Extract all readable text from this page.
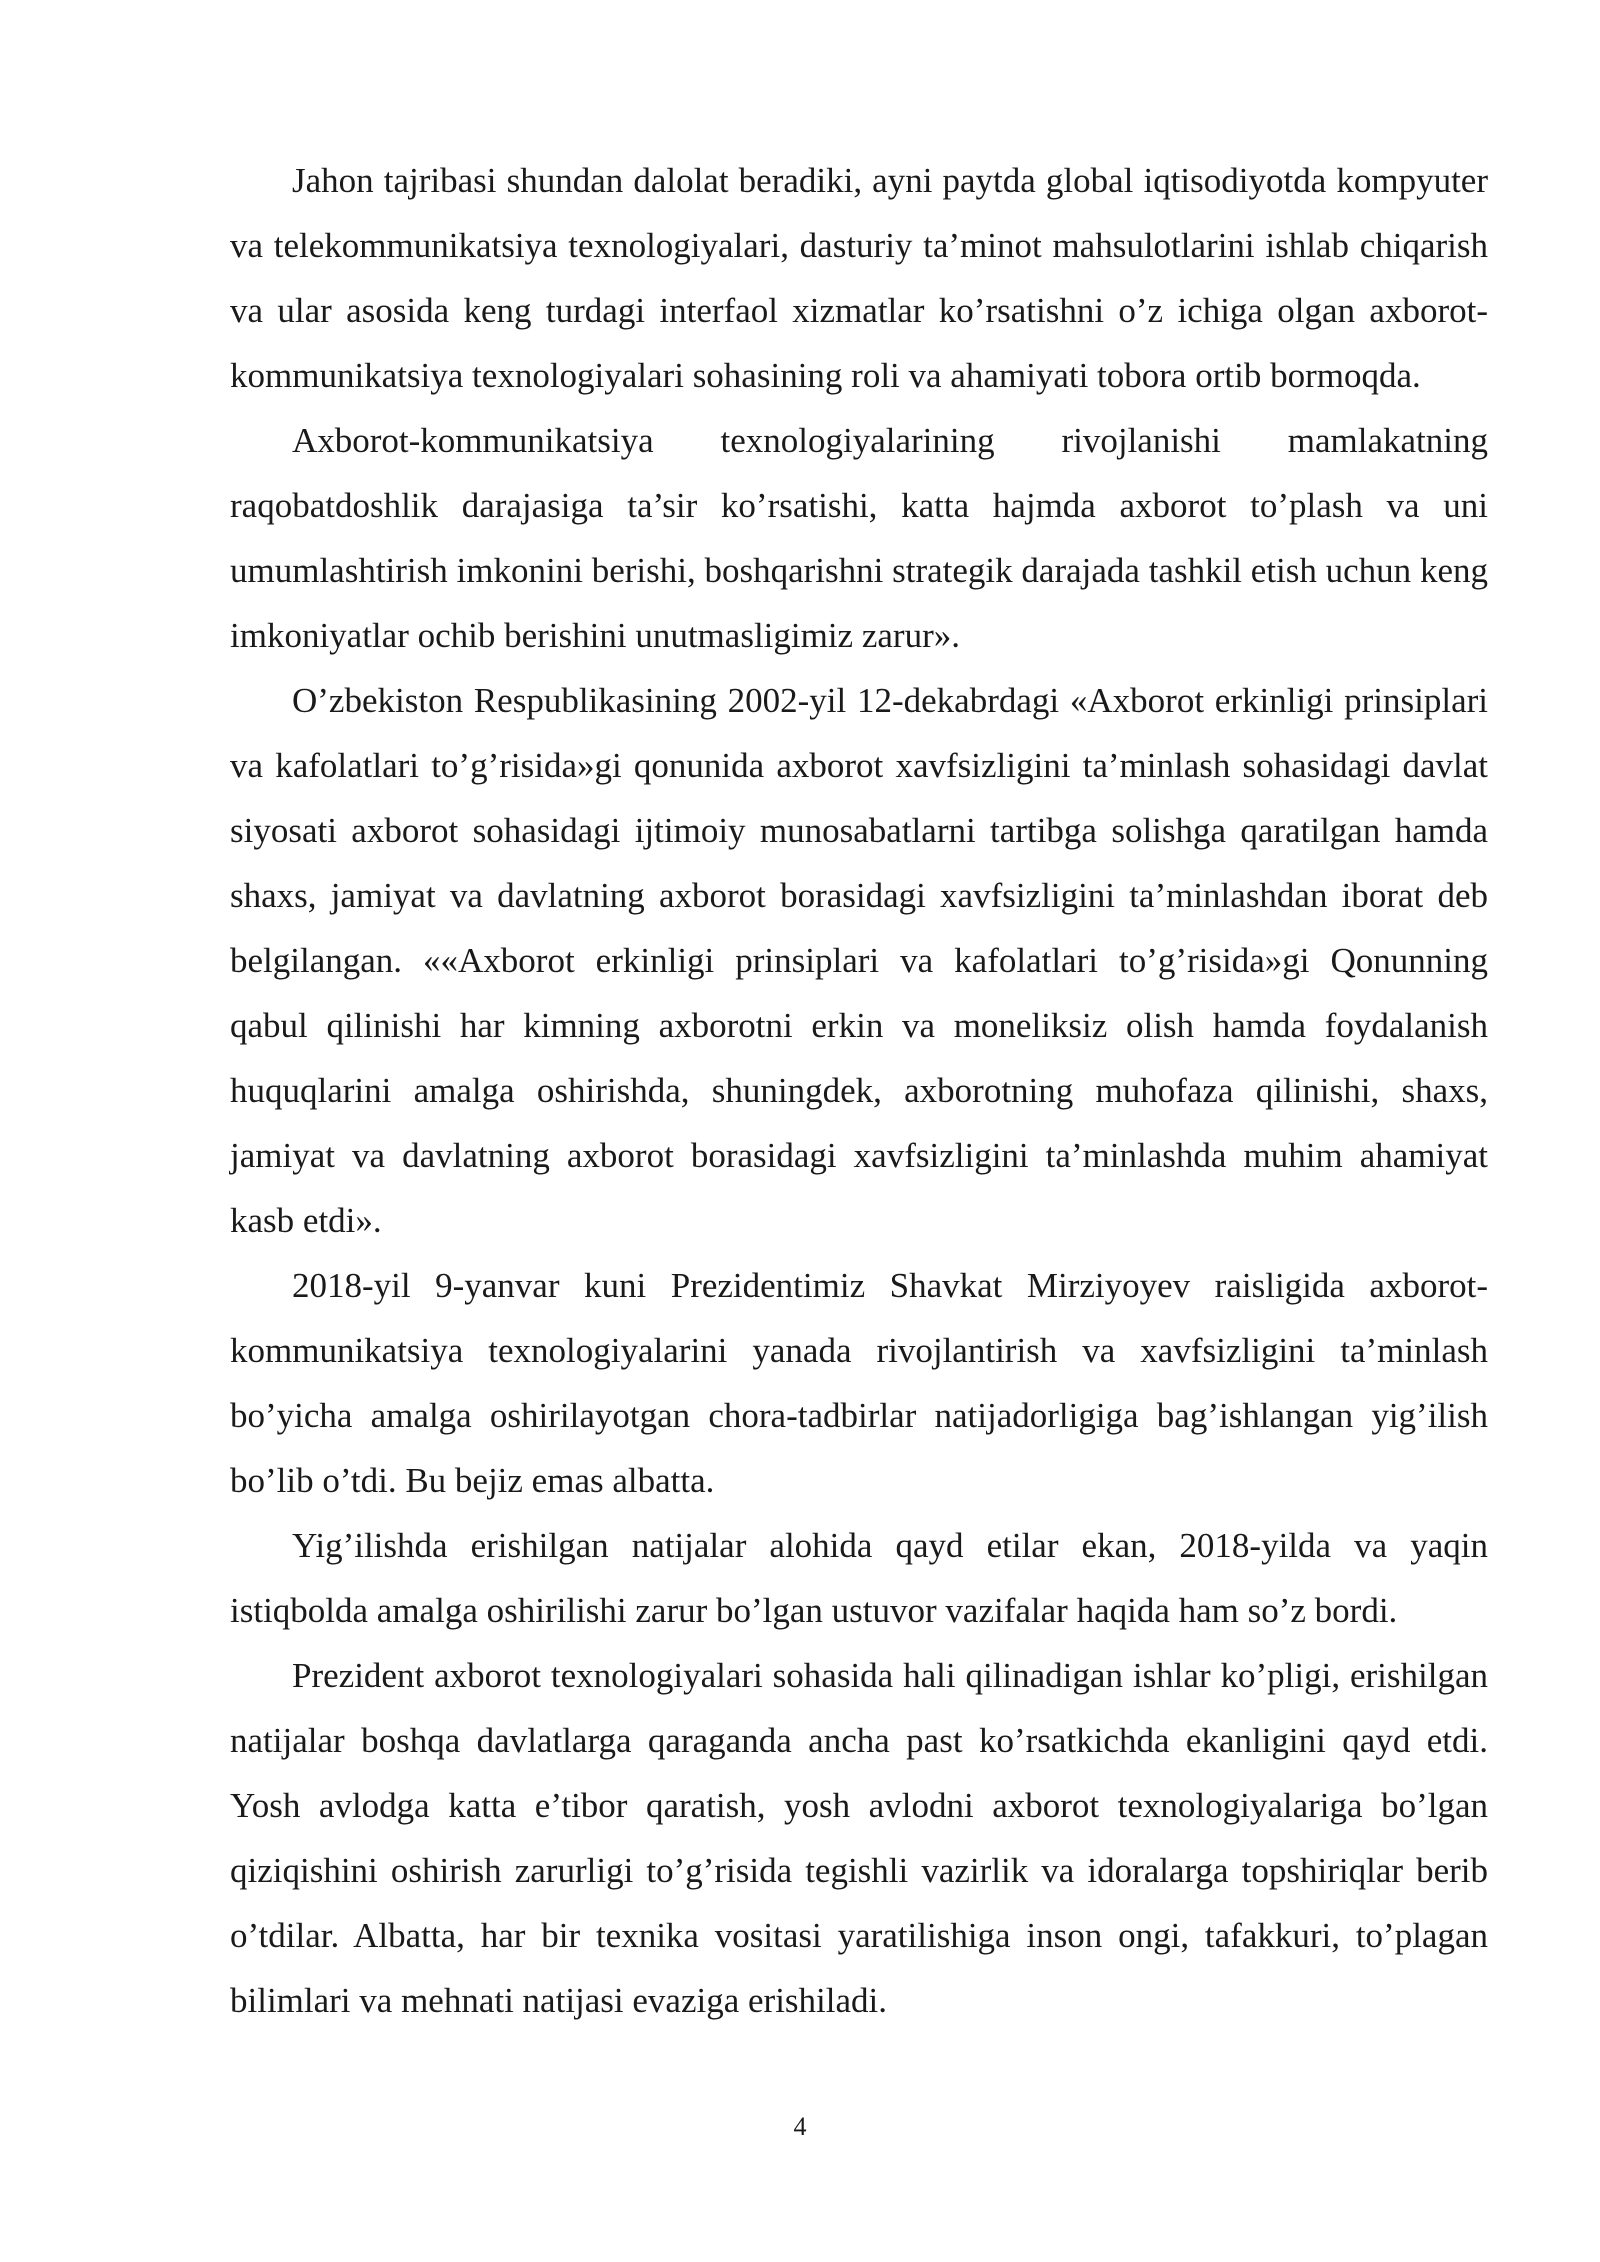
Jahon tajribasi shundan dalolat beradiki, ayni paytda global iqtisodiyotda kompyuter va telekommunikatsiya texnologiyalari, dasturiy ta’minot mahsulotlarini ishlab chiqarish va ular asosida keng turdagi interfaol xizmatlar ko’rsatishni o’z ichiga olgan axborot-kommunikatsiya texnologiyalari sohasining roli va ahamiyati tobora ortib bormoqda.

Axborot-kommunikatsiya texnologiyalarining rivojlanishi mamlakatning raqobatdoshlik darajasiga ta’sir ko’rsatishi, katta hajmda axborot to’plash va uni umumlashtirish imkonini berishi, boshqarishni strategik darajada tashkil etish uchun keng imkoniyatlar ochib berishini unutmasligimiz zarur».

O’zbekiston Respublikasining 2002-yil 12-dekabrdagi «Axborot erkinligi prinsiplari va kafolatlari to’g’risida»gi qonunida axborot xavfsizligini ta’minlash sohasidagi davlat siyosati axborot sohasidagi ijtimoiy munosabatlarni tartibga solishga qaratilgan hamda shaxs, jamiyat va davlatning axborot borasidagi xavfsizligini ta’minlashdan iborat deb belgilangan. ««Axborot erkinligi prinsiplari va kafolatlari to’g’risida»gi Qonunning qabul qilinishi har kimning axborotni erkin va moneliksiz olish hamda foydalanish huquqlarini amalga oshirishda, shuningdek, axborotning muhofaza qilinishi, shaxs, jamiyat va davlatning axborot borasidagi xavfsizligini ta’minlashda muhim ahamiyat kasb etdi».

2018-yil 9-yanvar kuni Prezidentimiz Shavkat Mirziyoyev raisligida axborot-kommunikatsiya texnologiyalarini yanada rivojlantirish va xavfsizligini ta’minlash bo’yicha amalga oshirilayotgan chora-tadbirlar natijadorligiga bag’ishlangan yig’ilish bo’lib o’tdi. Bu bejiz emas albatta.

Yig’ilishda erishilgan natijalar alohida qayd etilar ekan, 2018-yilda va yaqin istiqbolda amalga oshirilishi zarur bo’lgan ustuvor vazifalar haqida ham so’z bordi.

Prezident axborot texnologiyalari sohasida hali qilinadigan ishlar ko’pligi, erishilgan natijalar boshqa davlatlarga qaraganda ancha past ko’rsatkichda ekanligini qayd etdi. Yosh avlodga katta e’tibor qaratish, yosh avlodni axborot texnologiyalariga bo’lgan qiziqishini oshirish zarurligi to’g’risida tegishli vazirlik va idoralarga topshiriqlar berib o’tdilar. Albatta, har bir texnika vositasi yaratilishiga inson ongi, tafakkuri, to’plagan bilimlari va mehnati natijasi evaziga erishiladi.

4
